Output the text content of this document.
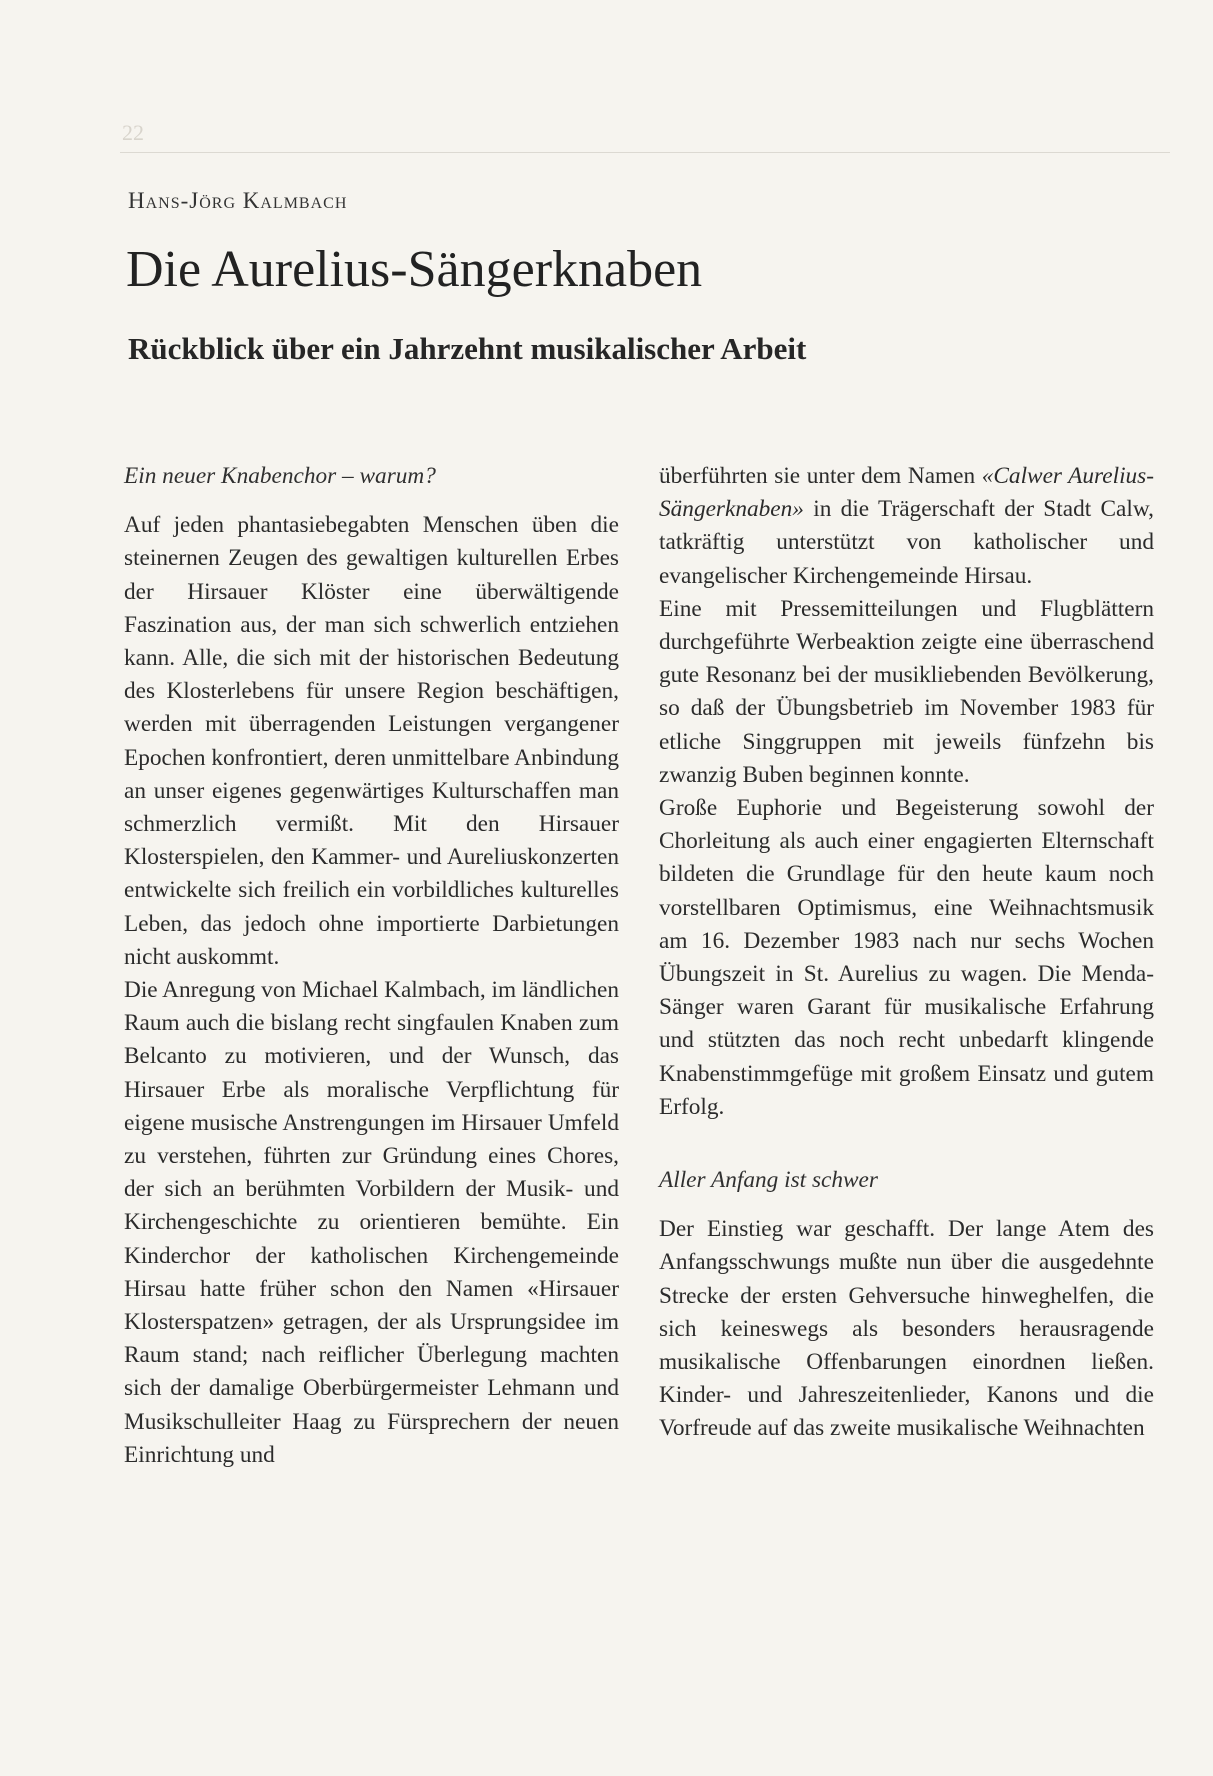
22
Hans-Jörg Kalmbach
Die Aurelius-Sängerknaben
Rückblick über ein Jahrzehnt musikalischer Arbeit
Ein neuer Knabenchor – warum?

Auf jeden phantasiebegabten Menschen üben die steinernen Zeugen des gewaltigen kulturellen Erbes der Hirsauer Klöster eine überwältigende Faszination aus, der man sich schwerlich entziehen kann. Alle, die sich mit der historischen Bedeutung des Klosterlebens für unsere Region beschäftigen, werden mit überragenden Leistungen vergangener Epochen konfrontiert, deren unmittelbare Anbindung an unser eigenes gegenwärtiges Kulturschaffen man schmerzlich vermißt. Mit den Hirsauer Klosterspielen, den Kammer- und Aureliuskonzerten entwickelte sich freilich ein vorbildliches kulturelles Leben, das jedoch ohne importierte Darbietungen nicht auskommt.

Die Anregung von Michael Kalmbach, im ländlichen Raum auch die bislang recht singfaulen Knaben zum Belcanto zu motivieren, und der Wunsch, das Hirsauer Erbe als moralische Verpflichtung für eigene musische Anstrengungen im Hirsauer Umfeld zu verstehen, führten zur Gründung eines Chores, der sich an berühmten Vorbildern der Musik- und Kirchengeschichte zu orientieren bemühte. Ein Kinderchor der katholischen Kirchengemeinde Hirsau hatte früher schon den Namen «Hirsauer Klosterspatzen» getragen, der als Ursprungsidee im Raum stand; nach reiflicher Überlegung machten sich der damalige Oberbürgermeister Lehmann und Musikschulleiter Haag zu Fürsprechern der neuen Einrichtung und

überführten sie unter dem Namen «Calwer Aurelius-Sängerknaben» in die Trägerschaft der Stadt Calw, tatkräftig unterstützt von katholischer und evangelischer Kirchengemeinde Hirsau.

Eine mit Pressemitteilungen und Flugblättern durchgeführte Werbeaktion zeigte eine überraschend gute Resonanz bei der musikliebenden Bevölkerung, so daß der Übungsbetrieb im November 1983 für etliche Singgruppen mit jeweils fünfzehn bis zwanzig Buben beginnen konnte.

Große Euphorie und Begeisterung sowohl der Chorleitung als auch einer engagierten Elternschaft bildeten die Grundlage für den heute kaum noch vorstellbaren Optimismus, eine Weihnachtsmusik am 16. Dezember 1983 nach nur sechs Wochen Übungszeit in St. Aurelius zu wagen. Die Menda-Sänger waren Garant für musikalische Erfahrung und stützten das noch recht unbedarft klingende Knabenstimmgefüge mit großem Einsatz und gutem Erfolg.

Aller Anfang ist schwer

Der Einstieg war geschafft. Der lange Atem des Anfangsschwungs mußte nun über die ausgedehnte Strecke der ersten Gehversuche hinweghelfen, die sich keineswegs als besonders herausragende musikalische Offenbarungen einordnen ließen. Kinder- und Jahreszeitenlieder, Kanons und die Vorfreude auf das zweite musikalische Weihnachten
